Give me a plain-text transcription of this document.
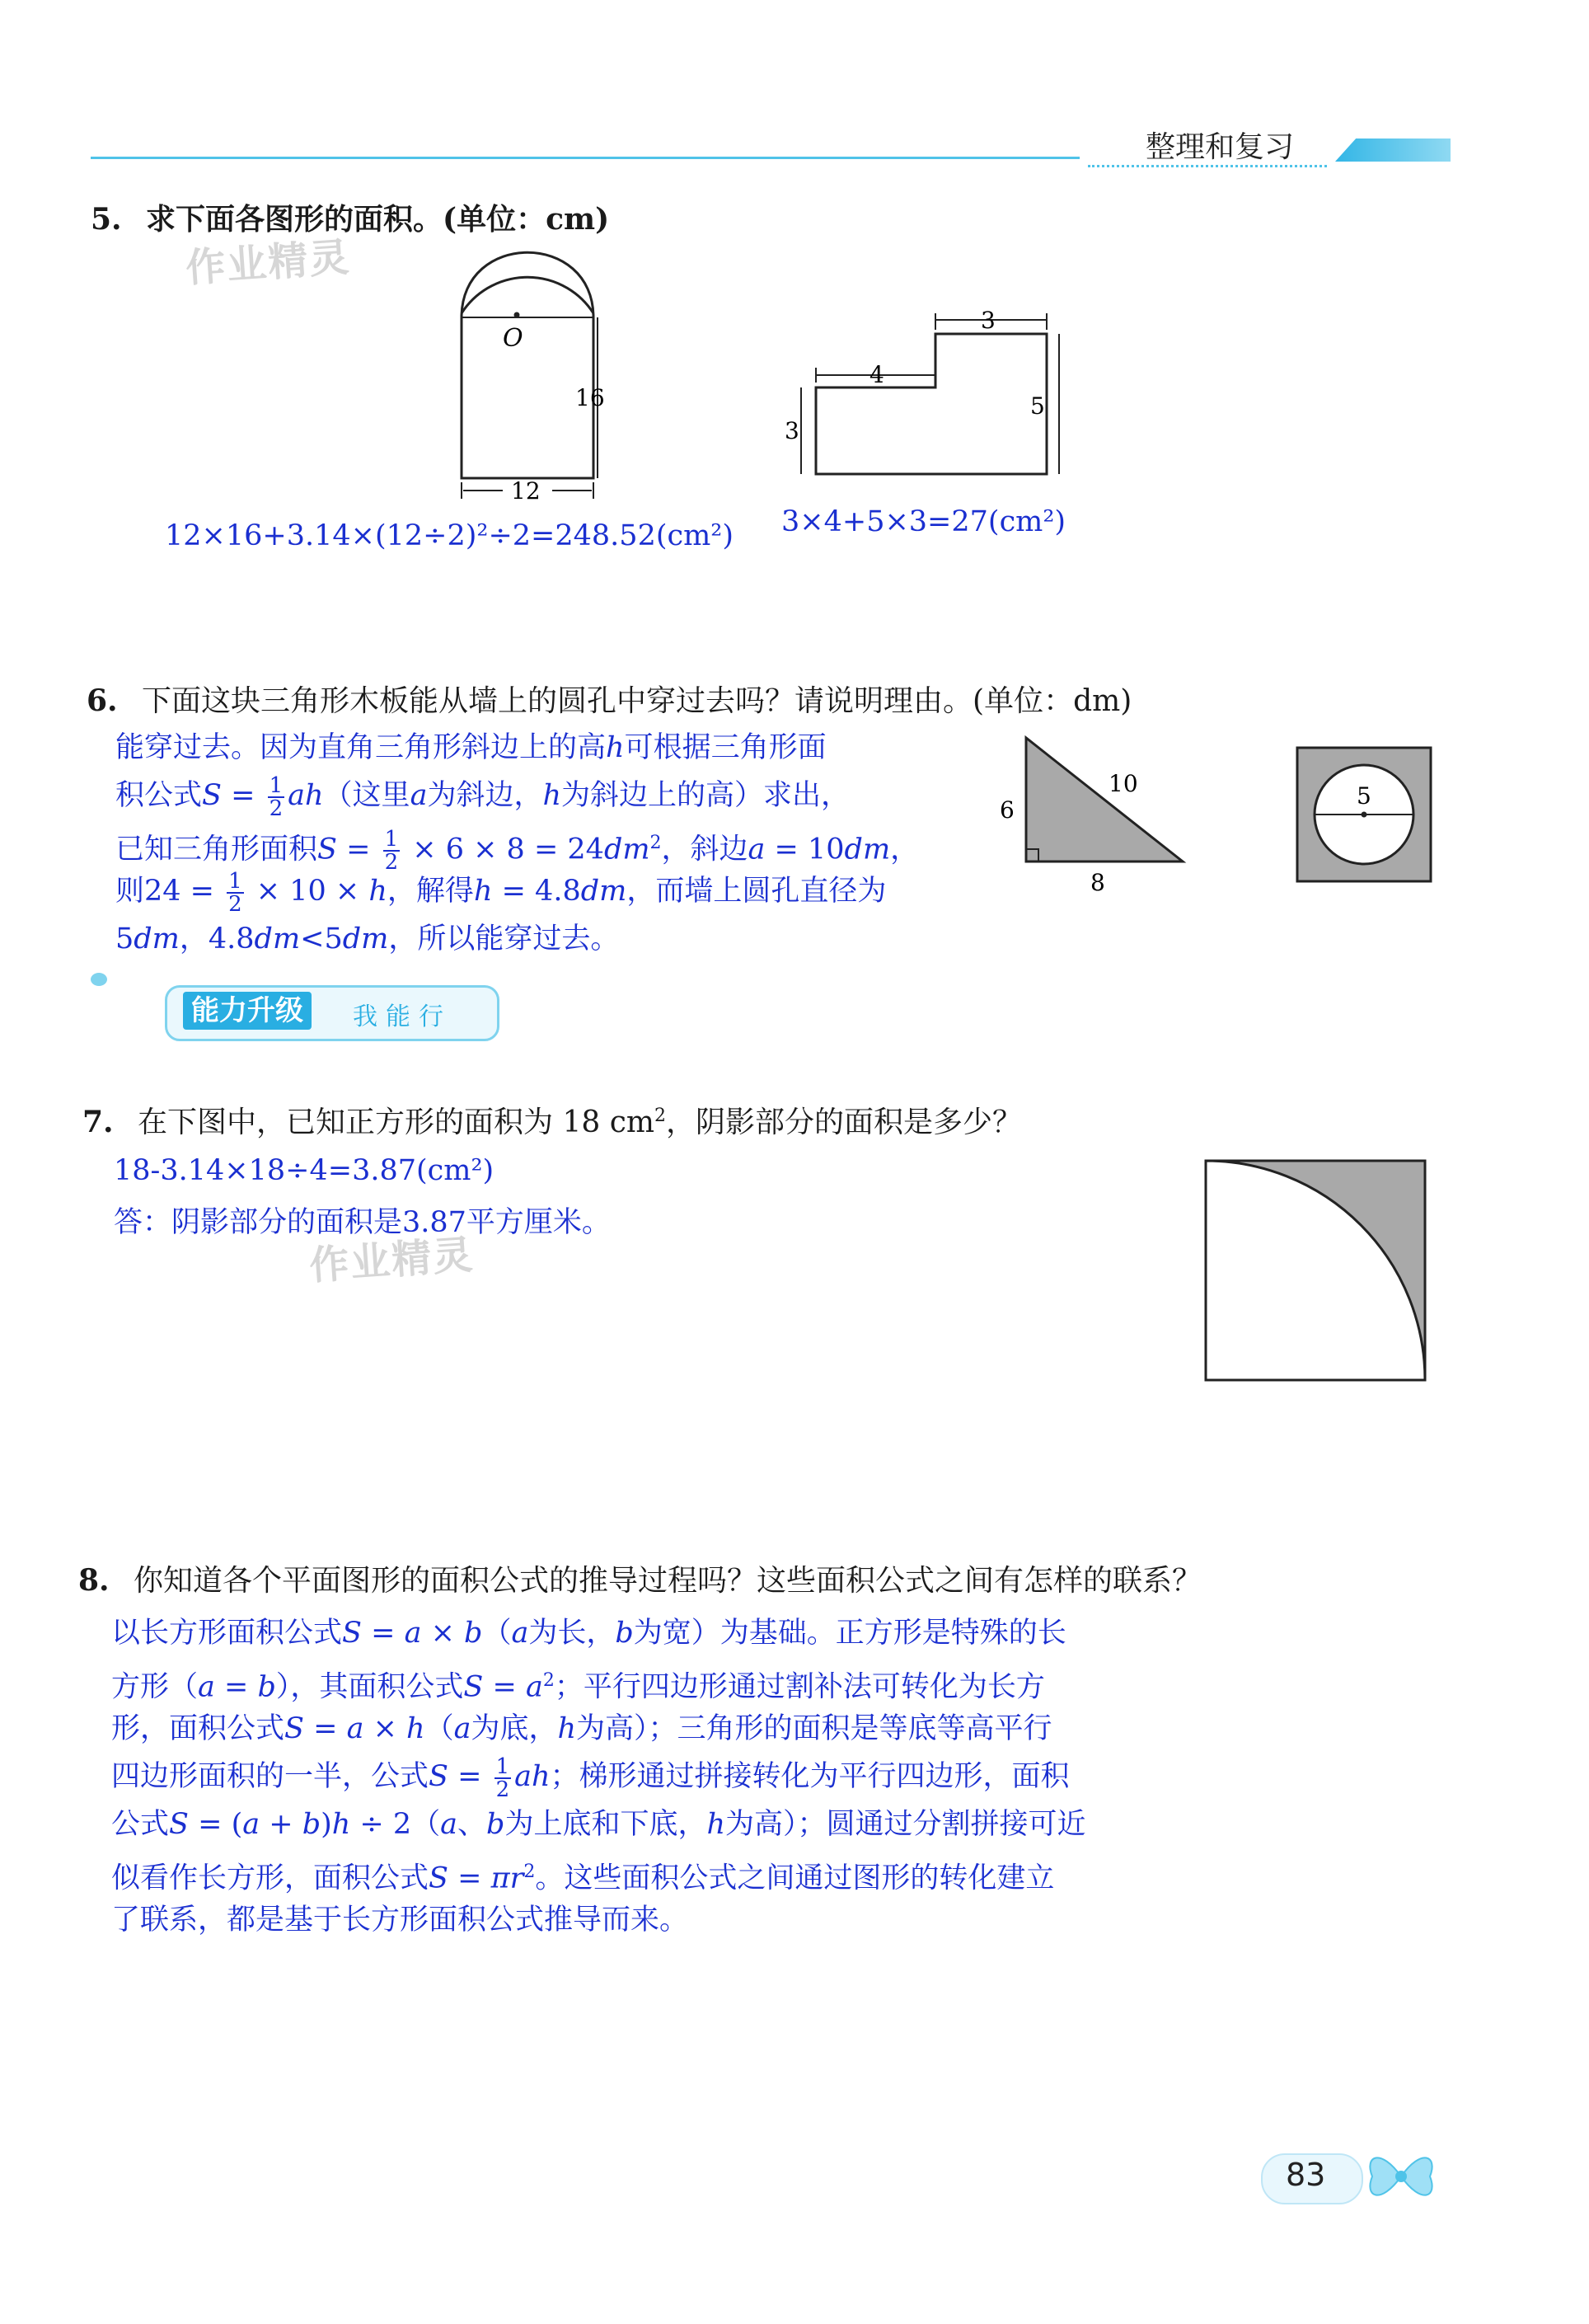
整理和复习
5. 求下面各图形的面积。(单位：cm)
作业精灵
O
16
12
3
4
3
5
12×16+3.14×(12÷2)²÷2=248.52(cm²) 3×4+5×3=27(cm²)
6. 下面这块三角形木板能从墙上的圆孔中穿过去吗？请说明理由。(单位：dm)
能穿过去。因为直角三角形斜边上的高h可根据三角形面
积公式$S = \frac{1}{2} ah$（这里a为斜边，h为斜边上的高）求出，
已知三角形面积$S = \frac{1}{2} \times 6 \times 8 = 24dm^2$，斜边a = 10dm，
则$24 = \frac{1}{2} \times 10 \times h$，解得h = 4.8dm，而墙上圆孔直径为
5dm，4.8dm<5dm，所以能穿过去。
6
8
10	5
能力升级	我能行
7. 在下图中，已知正方形的面积为 18 $cm^2$，阴影部分的面积是多少？
18-3.14×18÷4=3.87(cm²)
答：阴影部分的面积是3.87平方厘米。
作业精灵
8. 你知道各个平面图形的面积公式的推导过程吗？这些面积公式之间有怎样的联系？
以长方形面积公式S = a × b（a为长，b为宽）为基础。正方形是特殊的长
方形（a = b），其面积公式$S = a^2$；平行四边形通过割补法可转化为长方
形，面积公式S = a × h（a为底，h为高）；三角形的面积是等底等高平行
四边形面积的一半，公式$S = \frac{1}{2}$ ah；梯形通过拼接转化为平行四边形，面积
公式S = (a + b)h ÷ 2（a、b为上底和下底，h为高）；圆通过分割拼接可近
似看作长方形，面积公式$S = \pi r^2$。这些面积公式之间通过图形的转化建立
了联系，都是基于长方形面积公式推导而来。
83
